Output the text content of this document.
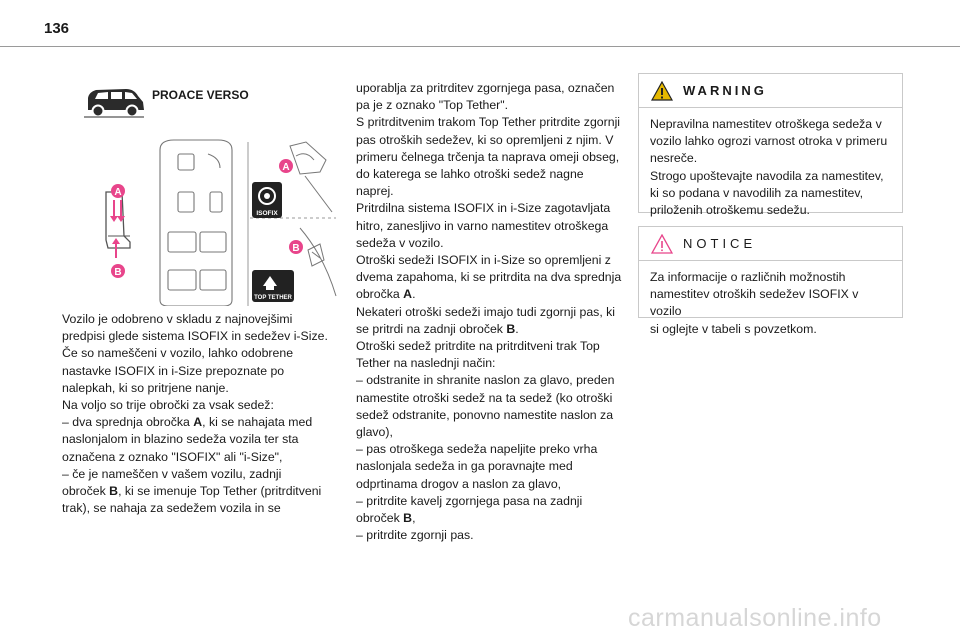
136
PROACE VERSO
A
B
ISOFIX
TOP TETHER
A
B

Vozilo je odobreno v skladu z najnovejšimi

predpisi glede sistema ISOFIX in sedežev i-Size.

Če so nameščeni v vozilo, lahko odobrene

nastavke ISOFIX in i-Size prepoznate po

nalepkah, ki so pritrjene nanje.

Na voljo so trije obročki za vsak sedež:

– dva sprednja obročka A, ki se nahajata med

naslonjalom in blazino sedeža vozila ter sta

označena z oznako "ISOFIX" ali "i-Size",

– če je nameščen v vašem vozilu, zadnji

obroček B, ki se imenuje Top Tether (pritrditveni

trak), se nahaja za sedežem vozila in se

uporablja za pritrditev zgornjega pasa, označen

pa je z oznako "Top Tether".

S pritrditvenim trakom Top Tether pritrdite zgornji

pas otroških sedežev, ki so opremljeni z njim. V

primeru čelnega trčenja ta naprava omeji obseg,

do katerega se lahko otroški sedež nagne

naprej.

Pritrdilna sistema ISOFIX in i-Size zagotavljata

hitro, zanesljivo in varno namestitev otroškega

sedeža v vozilo.

Otroški sedeži ISOFIX in i-Size so opremljeni z

dvema zapahoma, ki se pritrdita na dva sprednja

obročka A.

Nekateri otroški sedeži imajo tudi zgornji pas, ki

se pritrdi na zadnji obroček B.

Otroški sedež pritrdite na pritrditveni trak Top

Tether na naslednji način:

– odstranite in shranite naslon za glavo, preden

namestite otroški sedež na ta sedež (ko otroški

sedež odstranite, ponovno namestite naslon za

glavo),

– pas otroškega sedeža napeljite preko vrha

naslonjala sedeža in ga poravnajte med

odprtinama drogov a naslon za glavo,

– pritrdite kavelj zgornjega pasa na zadnji

obroček B,

– pritrdite zgornji pas.

WARNING

Nepravilna namestitev otroškega sedeža v

vozilo lahko ogrozi varnost otroka v primeru

nesreče.

Strogo upoštevajte navodila za namestitev,

ki so podana v navodilih za namestitev,

priloženih otroškemu sedežu.

NOTICE

Za informacije o različnih možnostih

namestitev otroških sedežev ISOFIX v vozilo

si oglejte v tabeli s povzetkom.

carmanualsonline.info
